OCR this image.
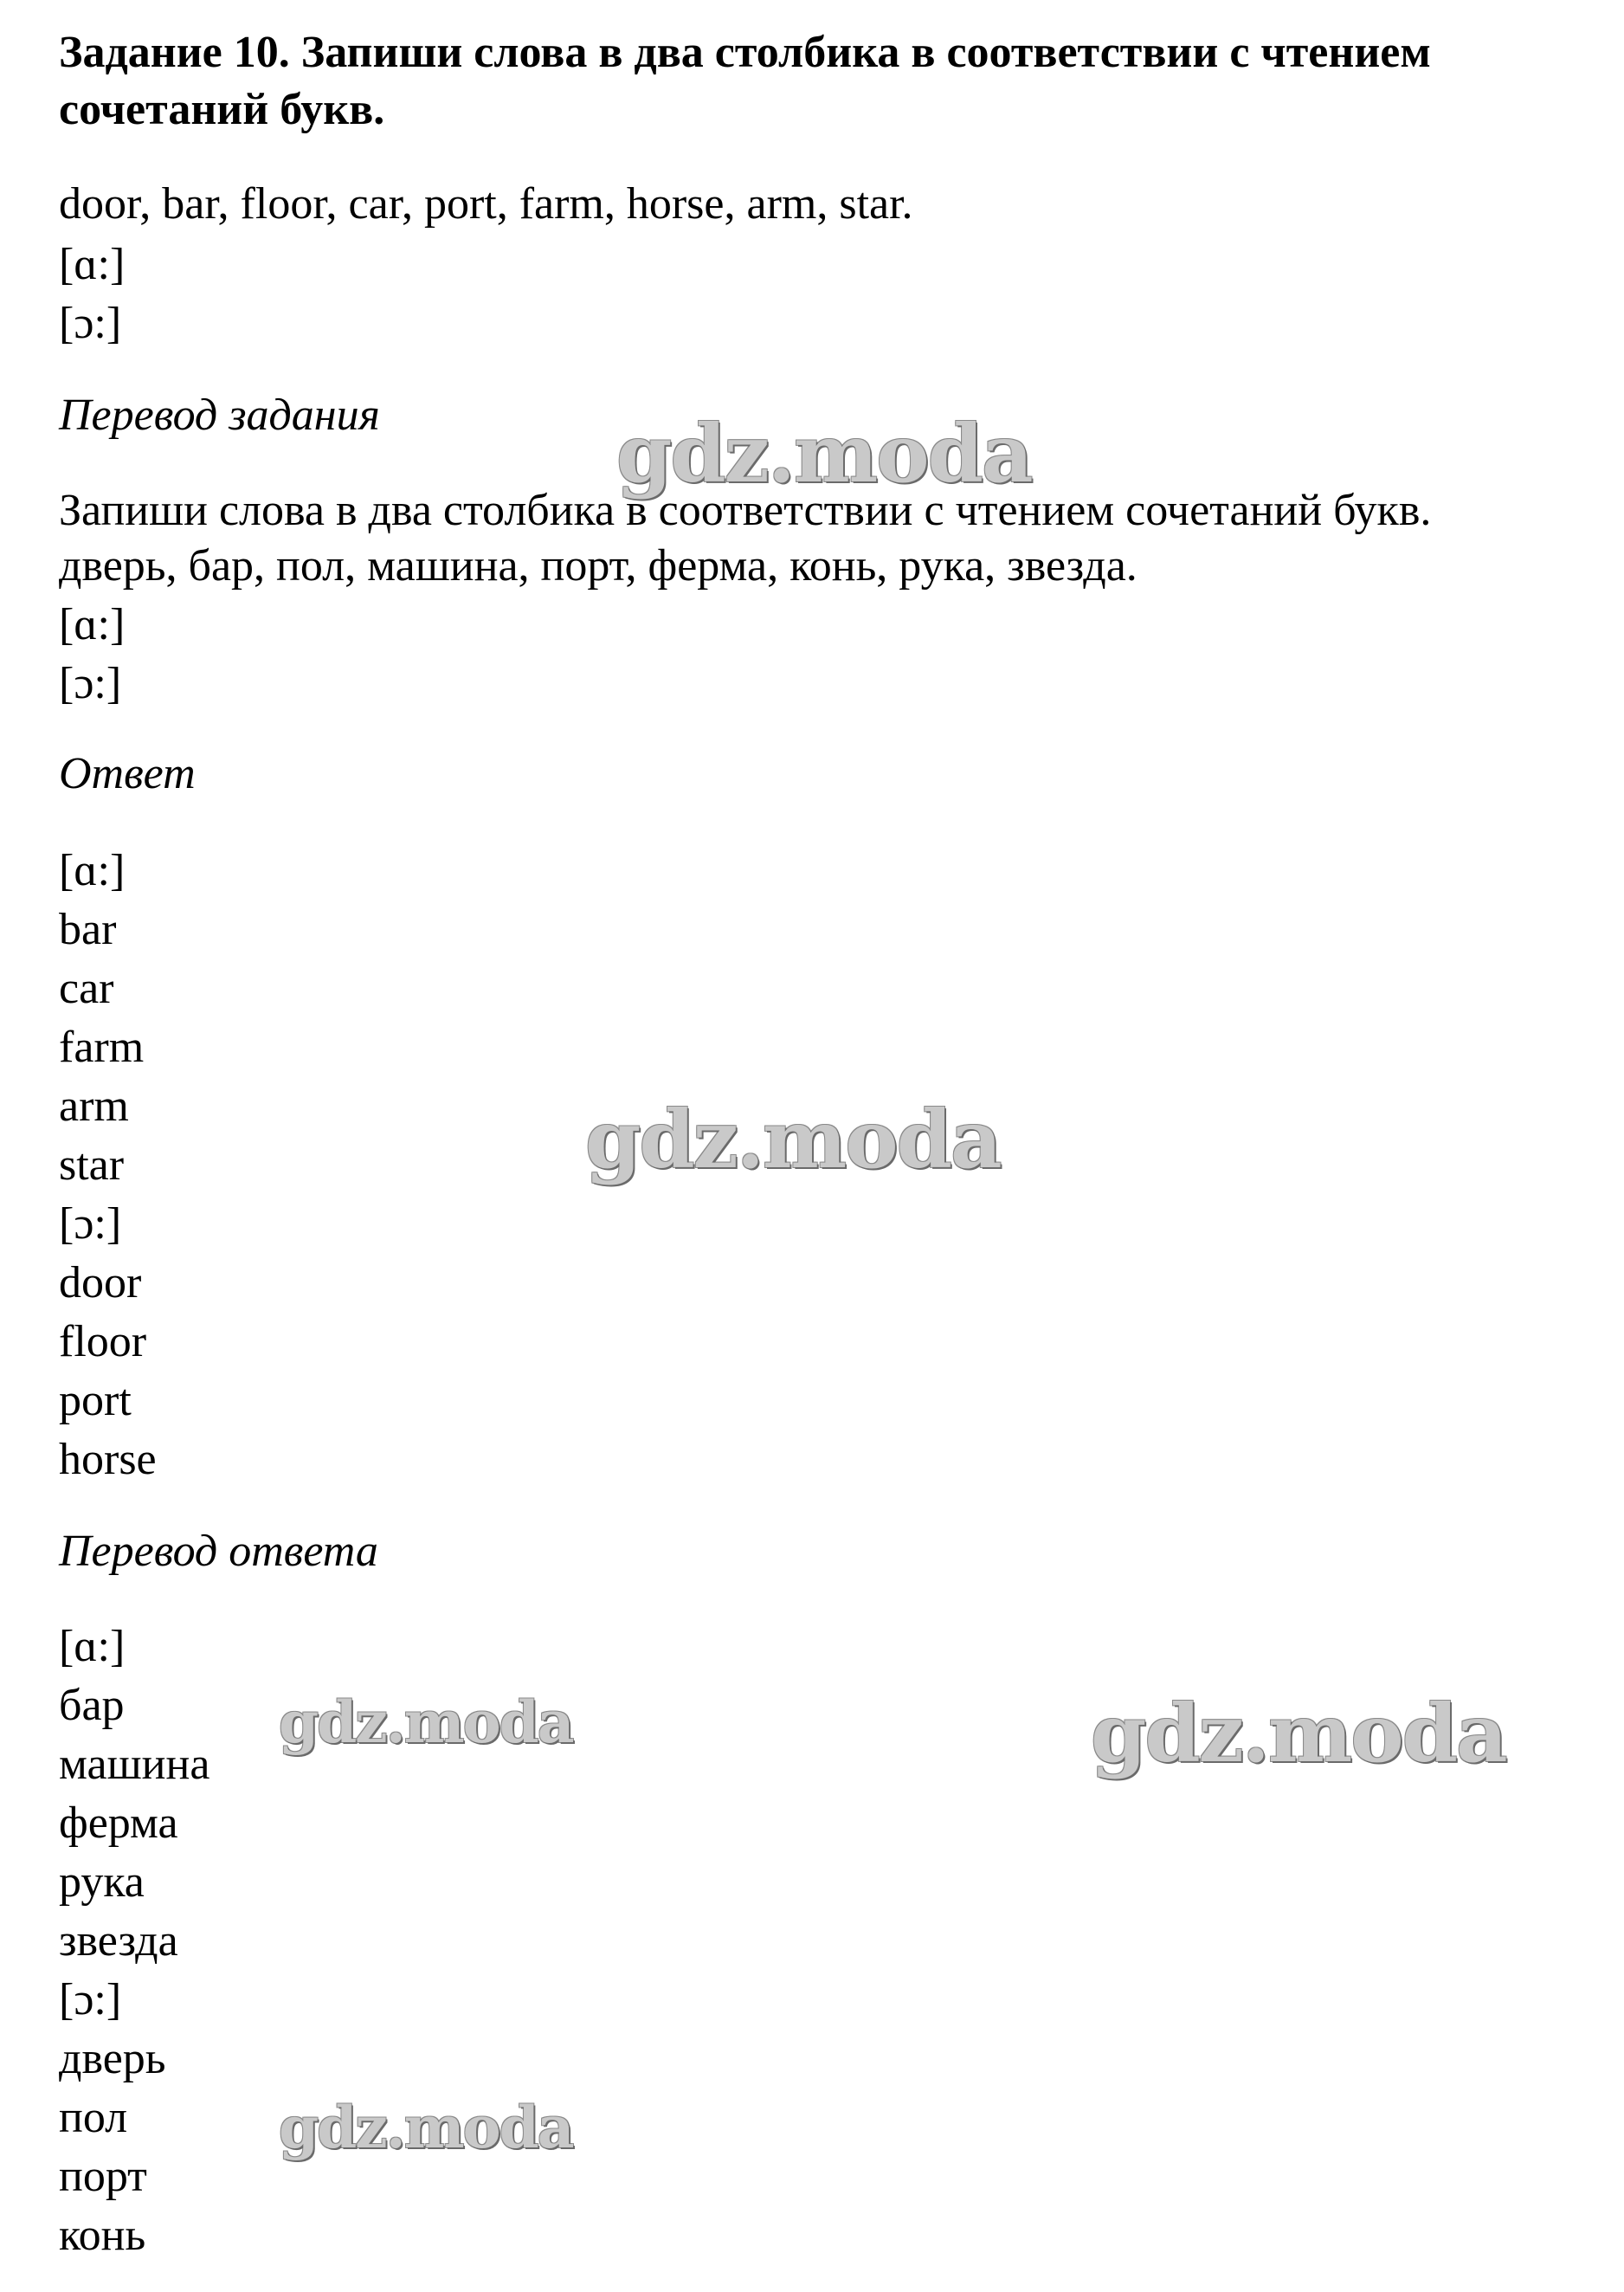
Задание 10. Запиши слова в два столбика в соответствии с чтением сочетаний букв.

door, bar, floor, car, port, farm, horse, arm, star.

[ɑ:]

[ɔ:]

Перевод задания

Запиши слова в два столбика в соответствии с чтением сочетаний букв.

дверь, бар, пол, машина, порт, ферма, конь, рука, звезда.

[ɑ:]

[ɔ:]

Ответ

[ɑ:]

bar

car

farm

arm

star

[ɔ:]

door

floor

port

horse

Перевод ответа

[ɑ:]

бар

машина

ферма

рука

звезда

[ɔ:]

дверь

пол

порт

конь

gdz.moda
gdz.moda
gdz.moda	gdz.moda
gdz.moda
